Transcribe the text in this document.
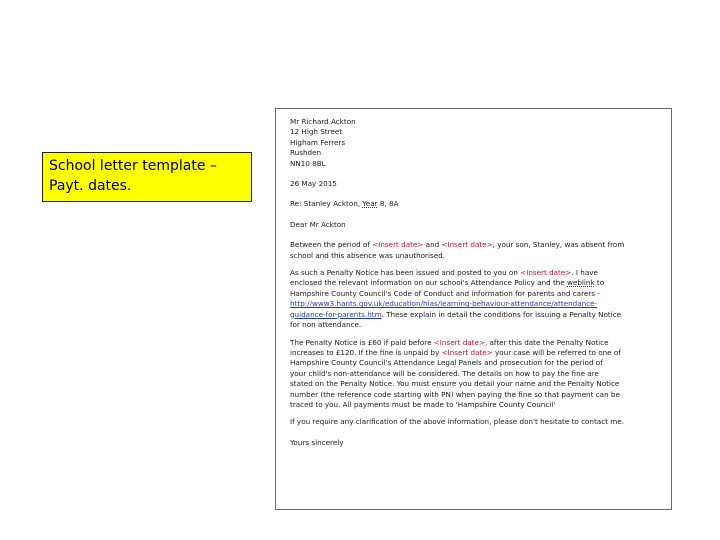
School letter template –
Payt. dates.
Mr Richard Ackton
12 High Street
Higham Ferrers
Rushden
NN10 8BL
26 May 2015
Re: Stanley Ackton, Year 8, 8A
Dear Mr Ackton
Between the period of <Insert date> and <Insert date>, your son, Stanley, was absent from
school and this absence was unauthorised.
As such a Penalty Notice has been issued and posted to you on <Insert date>. I have
enclosed the relevant information on our school's Attendance Policy and the weblink to
Hampshire County Council's Code of Conduct and information for parents and carers -
http://www3.hants.gov.uk/education/hias/learning-behaviour-attendance/attendance-
guidance-for-parents.htm. These explain in detail the conditions for issuing a Penalty Notice
for non attendance.
The Penalty Notice is £60 if paid before <Insert date>, after this date the Penalty Notice
increases to £120. If the fine is unpaid by <Insert date> your case will be referred to one of
Hampshire County Council's Attendance Legal Panels and prosecution for the period of
your child's non-attendance will be considered. The details on how to pay the fine are
stated on the Penalty Notice. You must ensure you detail your name and the Penalty Notice
number (the reference code starting with PN) when paying the fine so that payment can be
traced to you. All payments must be made to 'Hampshire County Council'
If you require any clarification of the above information, please don't hesitate to contact me.
Yours sincerely
